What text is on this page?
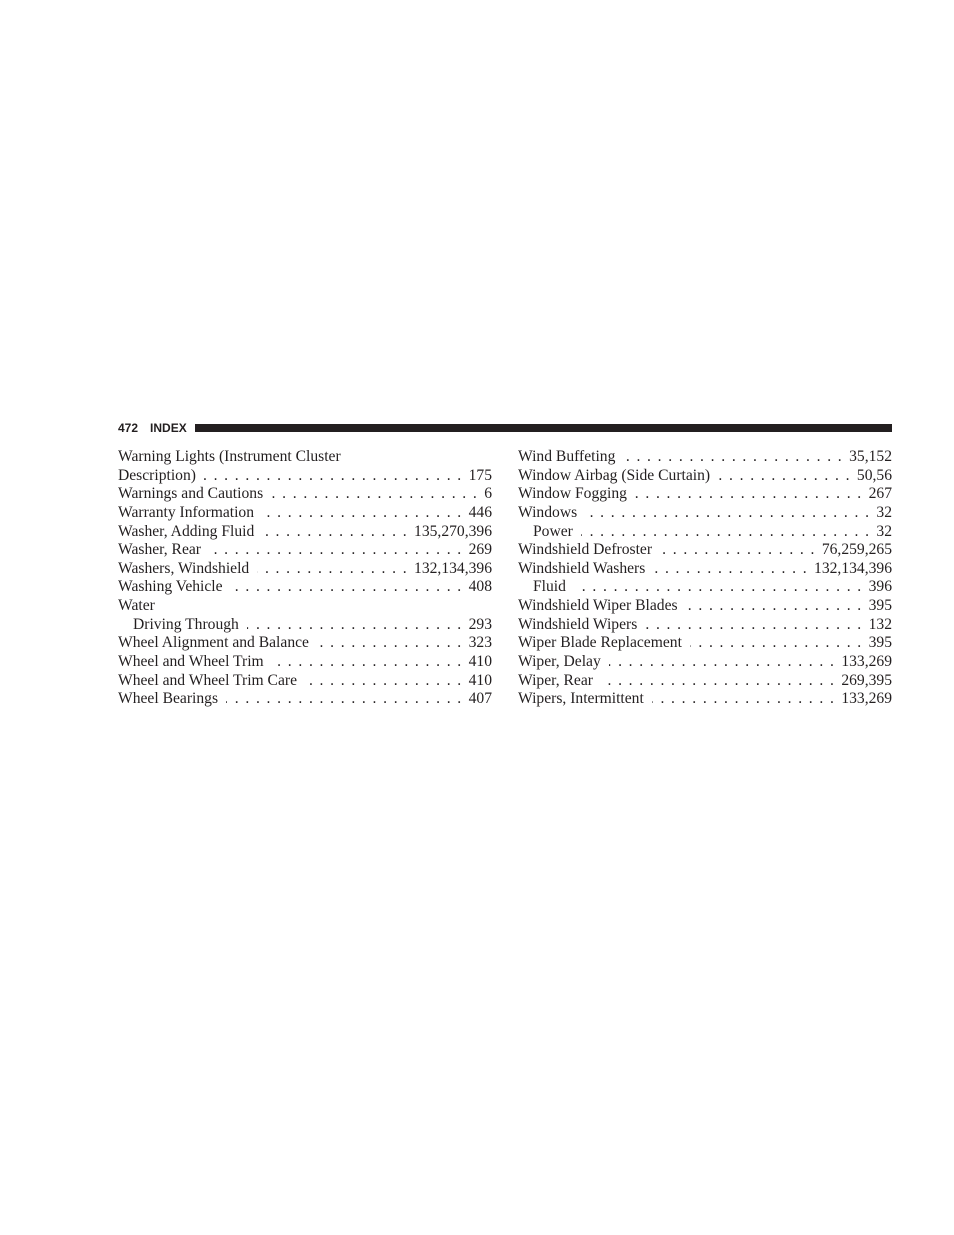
472 INDEX
Warning Lights (Instrument Cluster
Description) . . .	175
Warnings and Cautions . . .	6
Warranty Information . . .	446
Washer, Adding Fluid . . .	135,270,396
Washer, Rear . . .	269
Washers, Windshield . . .	132,134,396
Washing Vehicle . . .	408
Water
Driving Through . . .	293
Wheel Alignment and Balance . . .	323
Wheel and Wheel Trim . . .	410
Wheel and Wheel Trim Care . . .	410
Wheel Bearings . . .	407
Wind Buffeting . . .	35,152
Window Airbag (Side Curtain) . . .	50,56
Window Fogging . . .	267
Windows . . .	32
Power . . .	32
Windshield Defroster . . .	76,259,265
Windshield Washers . . .	132,134,396
Fluid . . .	396
Windshield Wiper Blades . . .	395
Windshield Wipers . . .	132
Wiper Blade Replacement . . .	395
Wiper, Delay . . .	133,269
Wiper, Rear . . .	269,395
Wipers, Intermittent . . .	133,269
